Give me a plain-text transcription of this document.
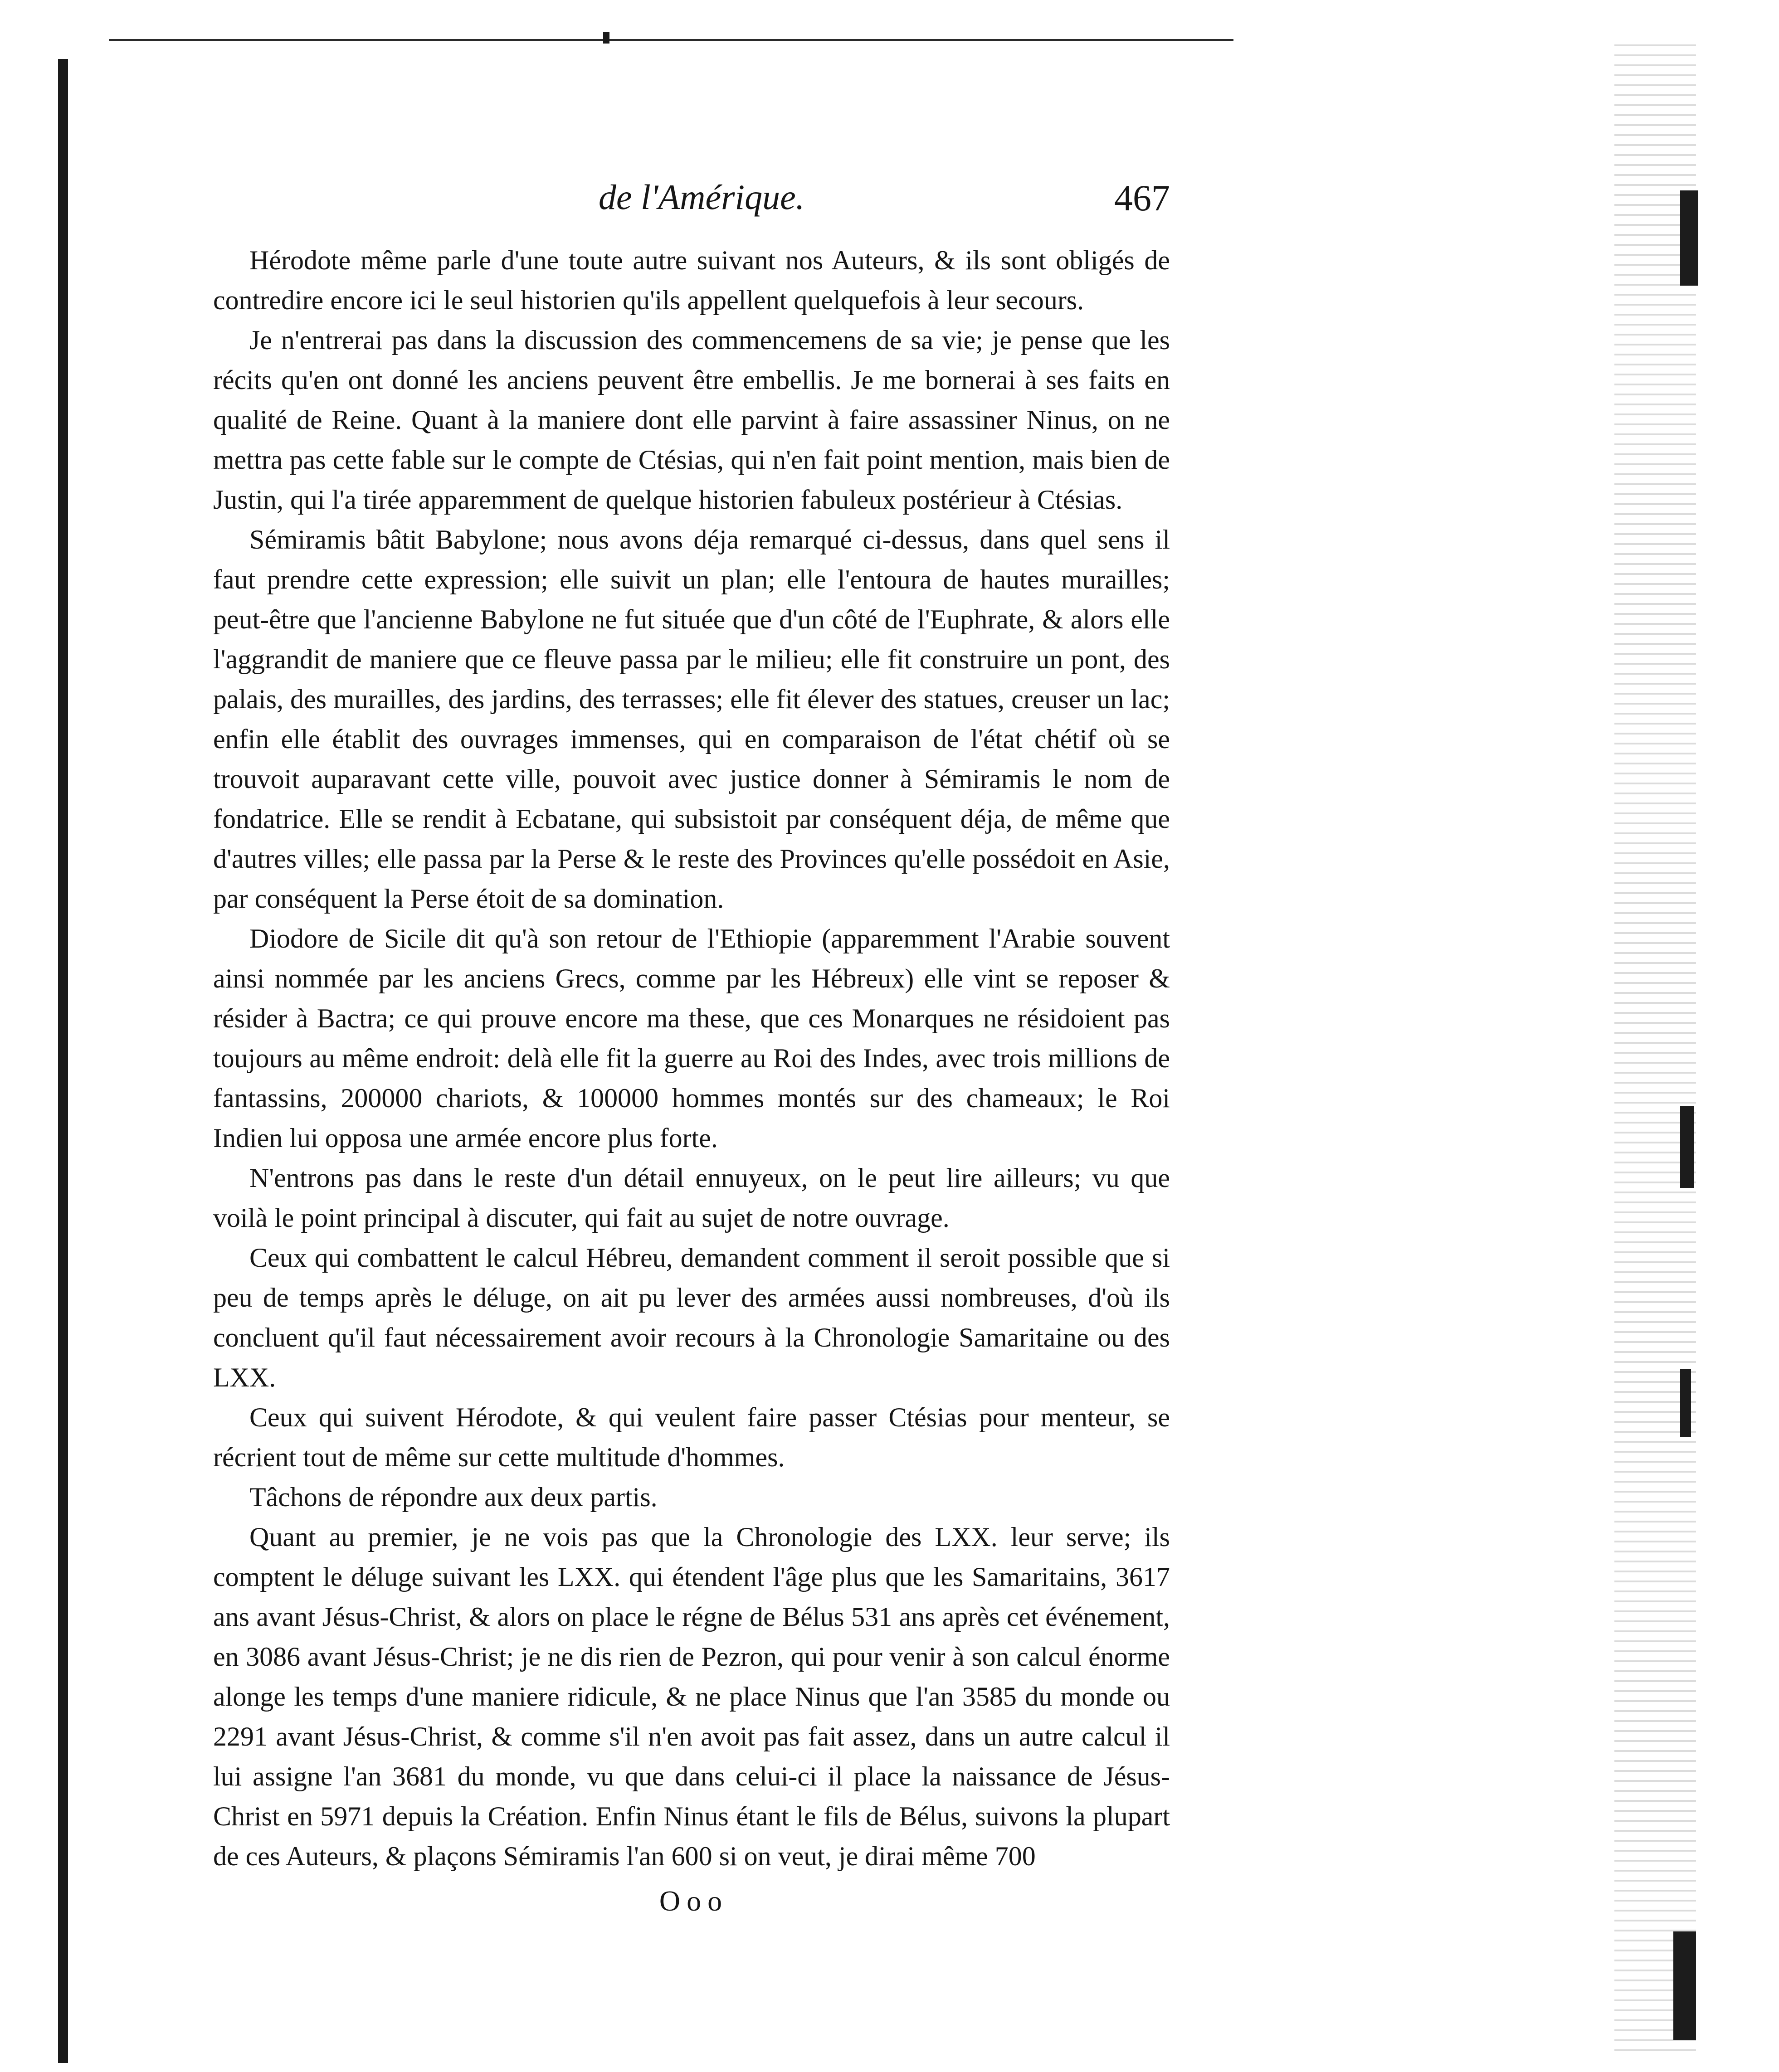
de l'Amérique.	467

Hérodote même parle d'une toute autre suivant nos Auteurs, & ils sont obligés de contredire encore ici le seul historien qu'ils appellent quelquefois à leur secours.

Je n'entrerai pas dans la discussion des commencemens de sa vie; je pense que les récits qu'en ont donné les anciens peuvent être embellis. Je me bornerai à ses faits en qualité de Reine. Quant à la maniere dont elle parvint à faire assassiner Ninus, on ne mettra pas cette fable sur le compte de Ctésias, qui n'en fait point mention, mais bien de Justin, qui l'a tirée apparemment de quelque historien fabuleux postérieur à Ctésias.

Sémiramis bâtit Babylone; nous avons déja remarqué ci-dessus, dans quel sens il faut prendre cette expression; elle suivit un plan; elle l'entoura de hautes murailles; peut-être que l'ancienne Babylone ne fut située que d'un côté de l'Euphrate, & alors elle l'aggrandit de maniere que ce fleuve passa par le milieu; elle fit construire un pont, des palais, des murailles, des jardins, des terrasses; elle fit élever des statues, creuser un lac; enfin elle établit des ouvrages immenses, qui en comparaison de l'état chétif où se trouvoit auparavant cette ville, pouvoit avec justice donner à Sémiramis le nom de fondatrice. Elle se rendit à Ecbatane, qui subsistoit par conséquent déja, de même que d'autres villes; elle passa par la Perse & le reste des Provinces qu'elle possédoit en Asie, par conséquent la Perse étoit de sa domination.

Diodore de Sicile dit qu'à son retour de l'Ethiopie (apparemment l'Arabie souvent ainsi nommée par les anciens Grecs, comme par les Hébreux) elle vint se reposer & résider à Bactra; ce qui prouve encore ma these, que ces Monarques ne résidoient pas toujours au même endroit: delà elle fit la guerre au Roi des Indes, avec trois millions de fantassins, 200000 chariots, & 100000 hommes montés sur des chameaux; le Roi Indien lui opposa une armée encore plus forte.

N'entrons pas dans le reste d'un détail ennuyeux, on le peut lire ailleurs; vu que voilà le point principal à discuter, qui fait au sujet de notre ouvrage.

Ceux qui combattent le calcul Hébreu, demandent comment il seroit possible que si peu de temps après le déluge, on ait pu lever des armées aussi nombreuses, d'où ils concluent qu'il faut nécessairement avoir recours à la Chronologie Samaritaine ou des LXX.

Ceux qui suivent Hérodote, & qui veulent faire passer Ctésias pour menteur, se récrient tout de même sur cette multitude d'hommes.

Tâchons de répondre aux deux partis.

Quant au premier, je ne vois pas que la Chronologie des LXX. leur serve; ils comptent le déluge suivant les LXX. qui étendent l'âge plus que les Samaritains, 3617 ans avant Jésus-Christ, & alors on place le régne de Bélus 531 ans après cet événement, en 3086 avant Jésus-Christ; je ne dis rien de Pezron, qui pour venir à son calcul énorme alonge les temps d'une maniere ridicule, & ne place Ninus que l'an 3585 du monde ou 2291 avant Jésus-Christ, & comme s'il n'en avoit pas fait assez, dans un autre calcul il lui assigne l'an 3681 du monde, vu que dans celui-ci il place la naissance de Jésus-Christ en 5971 depuis la Création. Enfin Ninus étant le fils de Bélus, suivons la plupart de ces Auteurs, & plaçons Sémiramis l'an 600 si on veut, je dirai même 700

Ooo
